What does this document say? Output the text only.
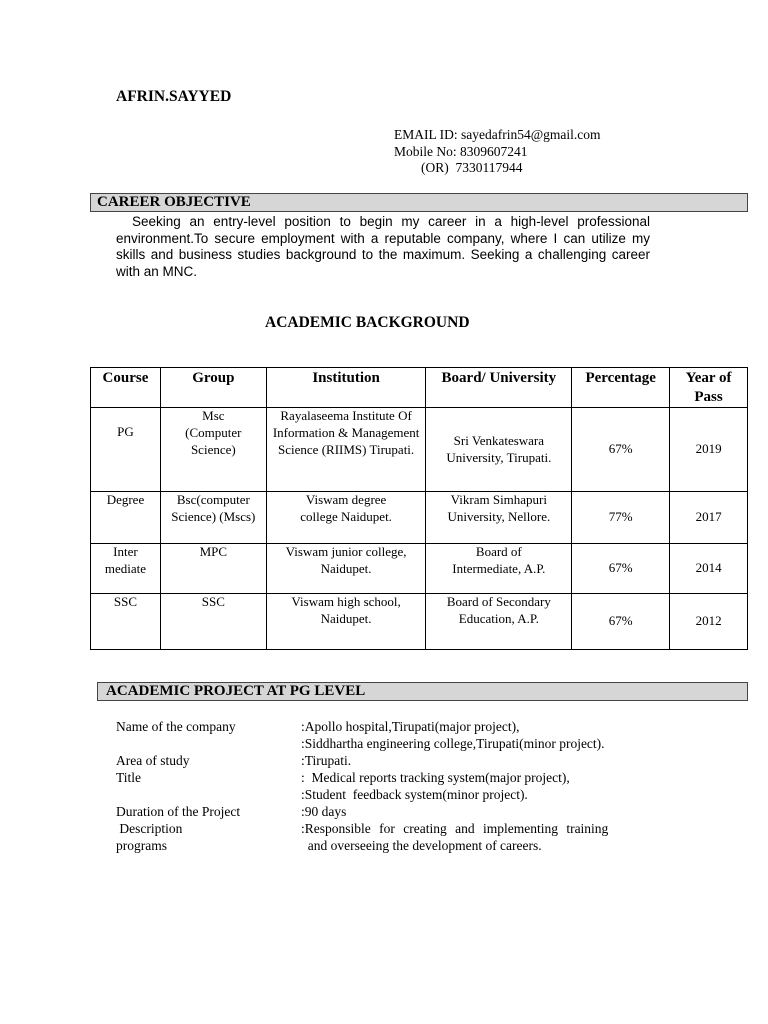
AFRIN.SAYYED
EMAIL ID: sayedafrin54@gmail.com
Mobile No: 8309607241
(OR)  7330117944
CAREER OBJECTIVE
Seeking an entry-level position to begin my career in a high-level professional environment.To secure employment with a reputable company, where I can utilize my skills and business studies background to the maximum. Seeking a challenging career with an MNC.
ACADEMIC BACKGROUND
Course	Group	Institution	Board/ University	Percentage	Year of Pass
PG	Msc (Computer Science)	Rayalaseema Institute Of Information & Management Science (RIIMS) Tirupati.	Sri Venkateswara University, Tirupati.	67%	2019
Degree	Bsc(computer Science) (Mscs)	Viswam degree college Naidupet.	Vikram Simhapuri University, Nellore.	77%	2017
Inter mediate	MPC	Viswam junior college, Naidupet.	Board of Intermediate, A.P.	67%	2014
SSC	SSC	Viswam high school, Naidupet.	Board of Secondary Education, A.P.	67%	2012
ACADEMIC PROJECT AT PG LEVEL
Name of the company	:Apollo hospital,Tirupati(major project),
:Siddhartha engineering college,Tirupati(minor project).
Area of study	:Tirupati.
Title	:  Medical reports tracking system(major project),
:Student  feedback system(minor project).
Duration of the Project	:90 days
Description	:Responsible for creating and implementing training
programs	and overseeing the development of careers.
